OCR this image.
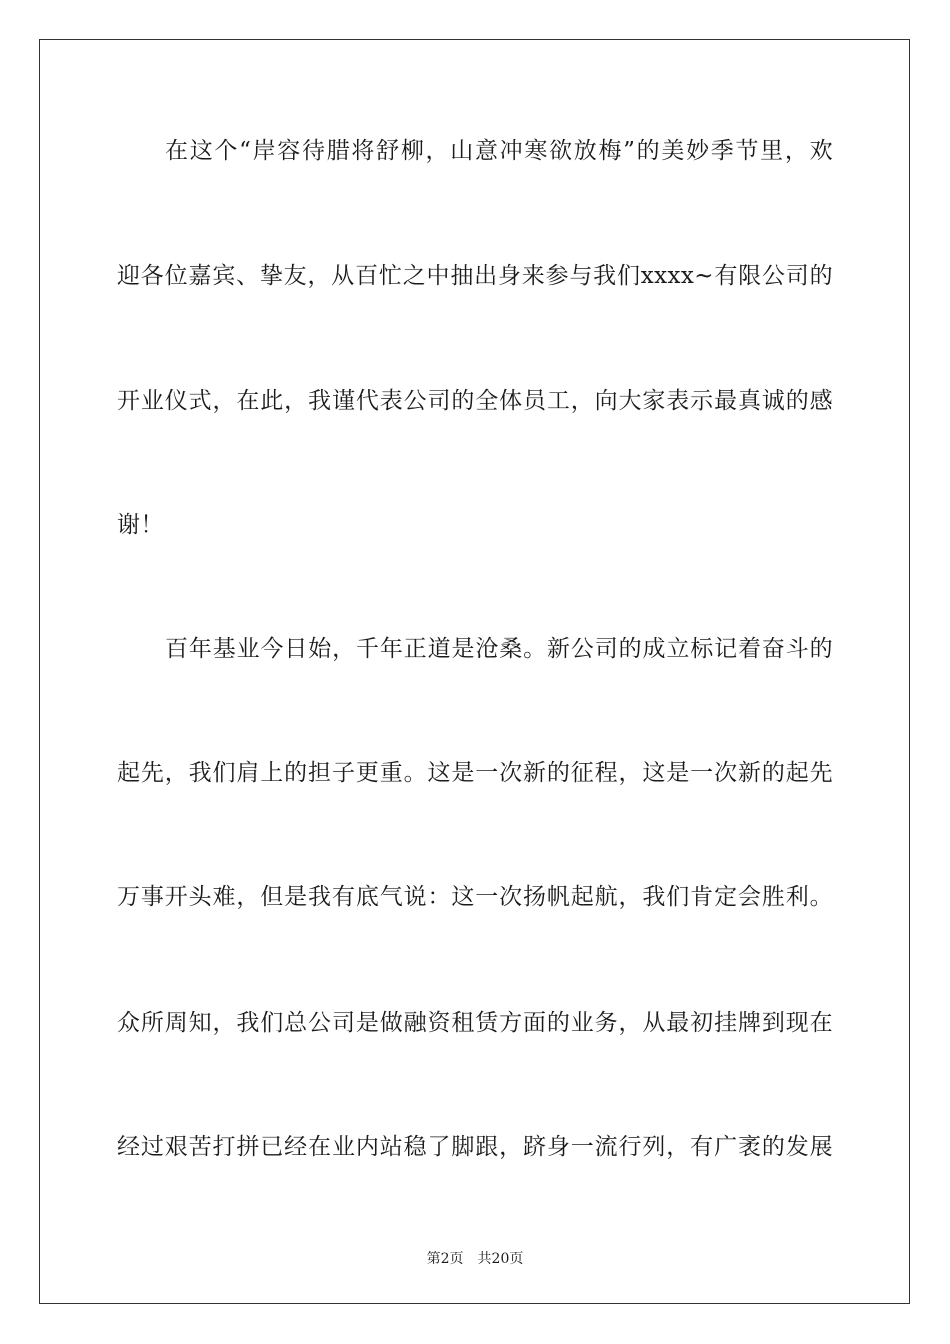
在这个“岸容待腊将舒柳，山意冲寒欲放梅”的美妙季节里，欢
迎各位嘉宾、挚友，从百忙之中抽出身来参与我们xxxx~有限公司的
开业仪式，在此，我谨代表公司的全体员工，向大家表示最真诚的感
谢！
百年基业今日始，千年正道是沧桑。新公司的成立标记着奋斗的
起先，我们肩上的担子更重。这是一次新的征程，这是一次新的起先
万事开头难，但是我有底气说：这一次扬帆起航，我们肯定会胜利。
众所周知，我们总公司是做融资租赁方面的业务，从最初挂牌到现在
经过艰苦打拼已经在业内站稳了脚跟，跻身一流行列，有广袤的发展
第2页 共20页
